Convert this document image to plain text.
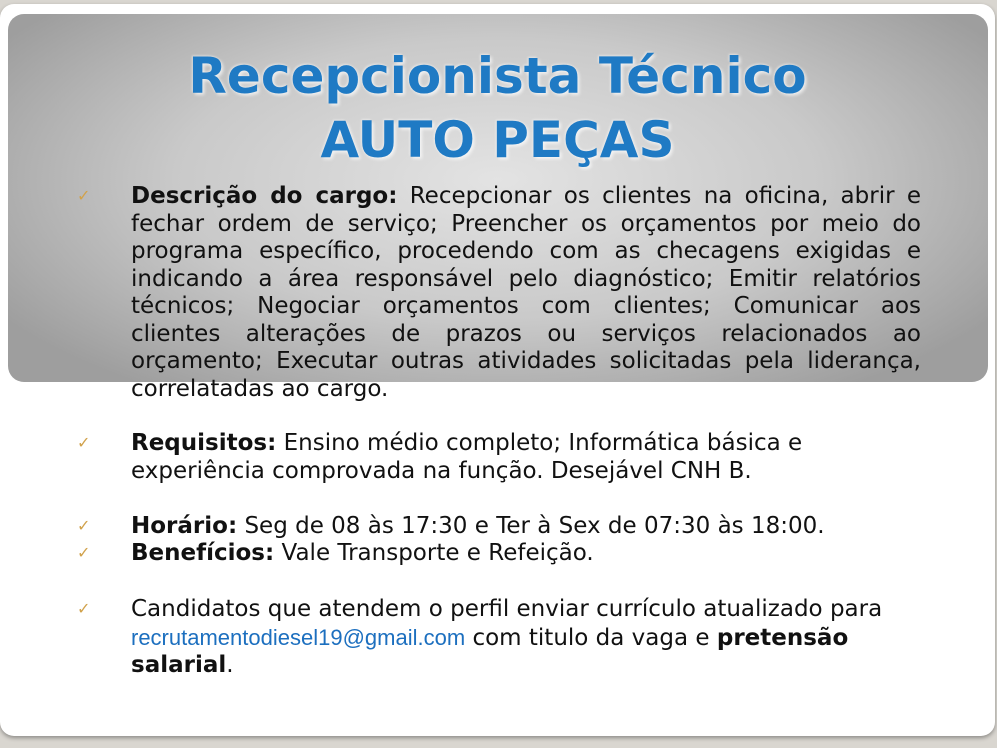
Recepcionista Técnico
AUTO PEÇAS
✓ Descrição do cargo: Recepcionar os clientes na oficina, abrir e fechar ordem de serviço; Preencher os orçamentos por meio do programa específico, procedendo com as checagens exigidas e indicando a área responsável pelo diagnóstico; Emitir relatórios técnicos; Negociar orçamentos com clientes; Comunicar aos clientes alterações de prazos ou serviços relacionados ao orçamento; Executar outras atividades solicitadas pela liderança, correlatadas ao cargo.

✓ Requisitos: Ensino médio completo; Informática básica e experiência comprovada na função. Desejável CNH B.

✓ Horário: Seg de 08 às 17:30 e Ter à Sex de 07:30 às 18:00.

✓ Benefícios: Vale Transporte e Refeição.

✓ Candidatos que atendem o perfil enviar currículo atualizado para recrutamentodiesel19@gmail.com com titulo da vaga e pretensão salarial.
